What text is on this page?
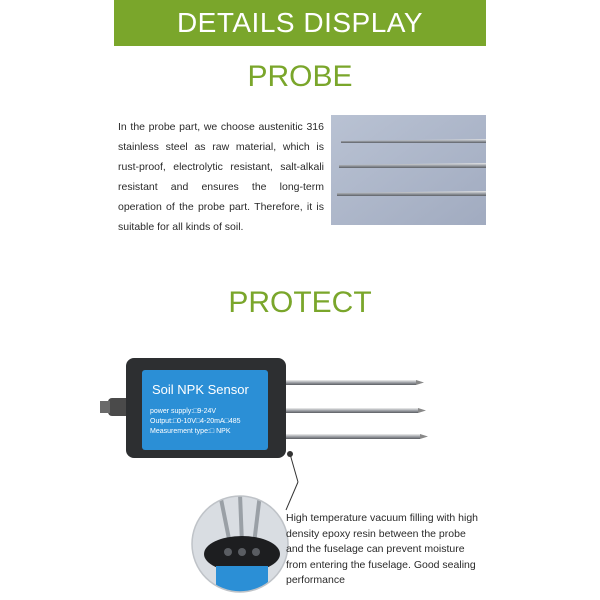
DETAILS DISPLAY
PROBE
In the probe part, we choose austenitic 316 stainless steel as raw material, which is rust-proof, electrolytic resistant, salt-alkali resistant and ensures the long-term operation of the probe part. Therefore, it is suitable for all kinds of soil.
PROTECT
Soil NPK Sensor
power supply:□9-24V
Output:□0-10V□4-20mA□485
Measurement type:□ NPK
High temperature vacuum filling with high density epoxy resin between the probe and the fuselage can prevent moisture from entering the fuselage. Good sealing performance
